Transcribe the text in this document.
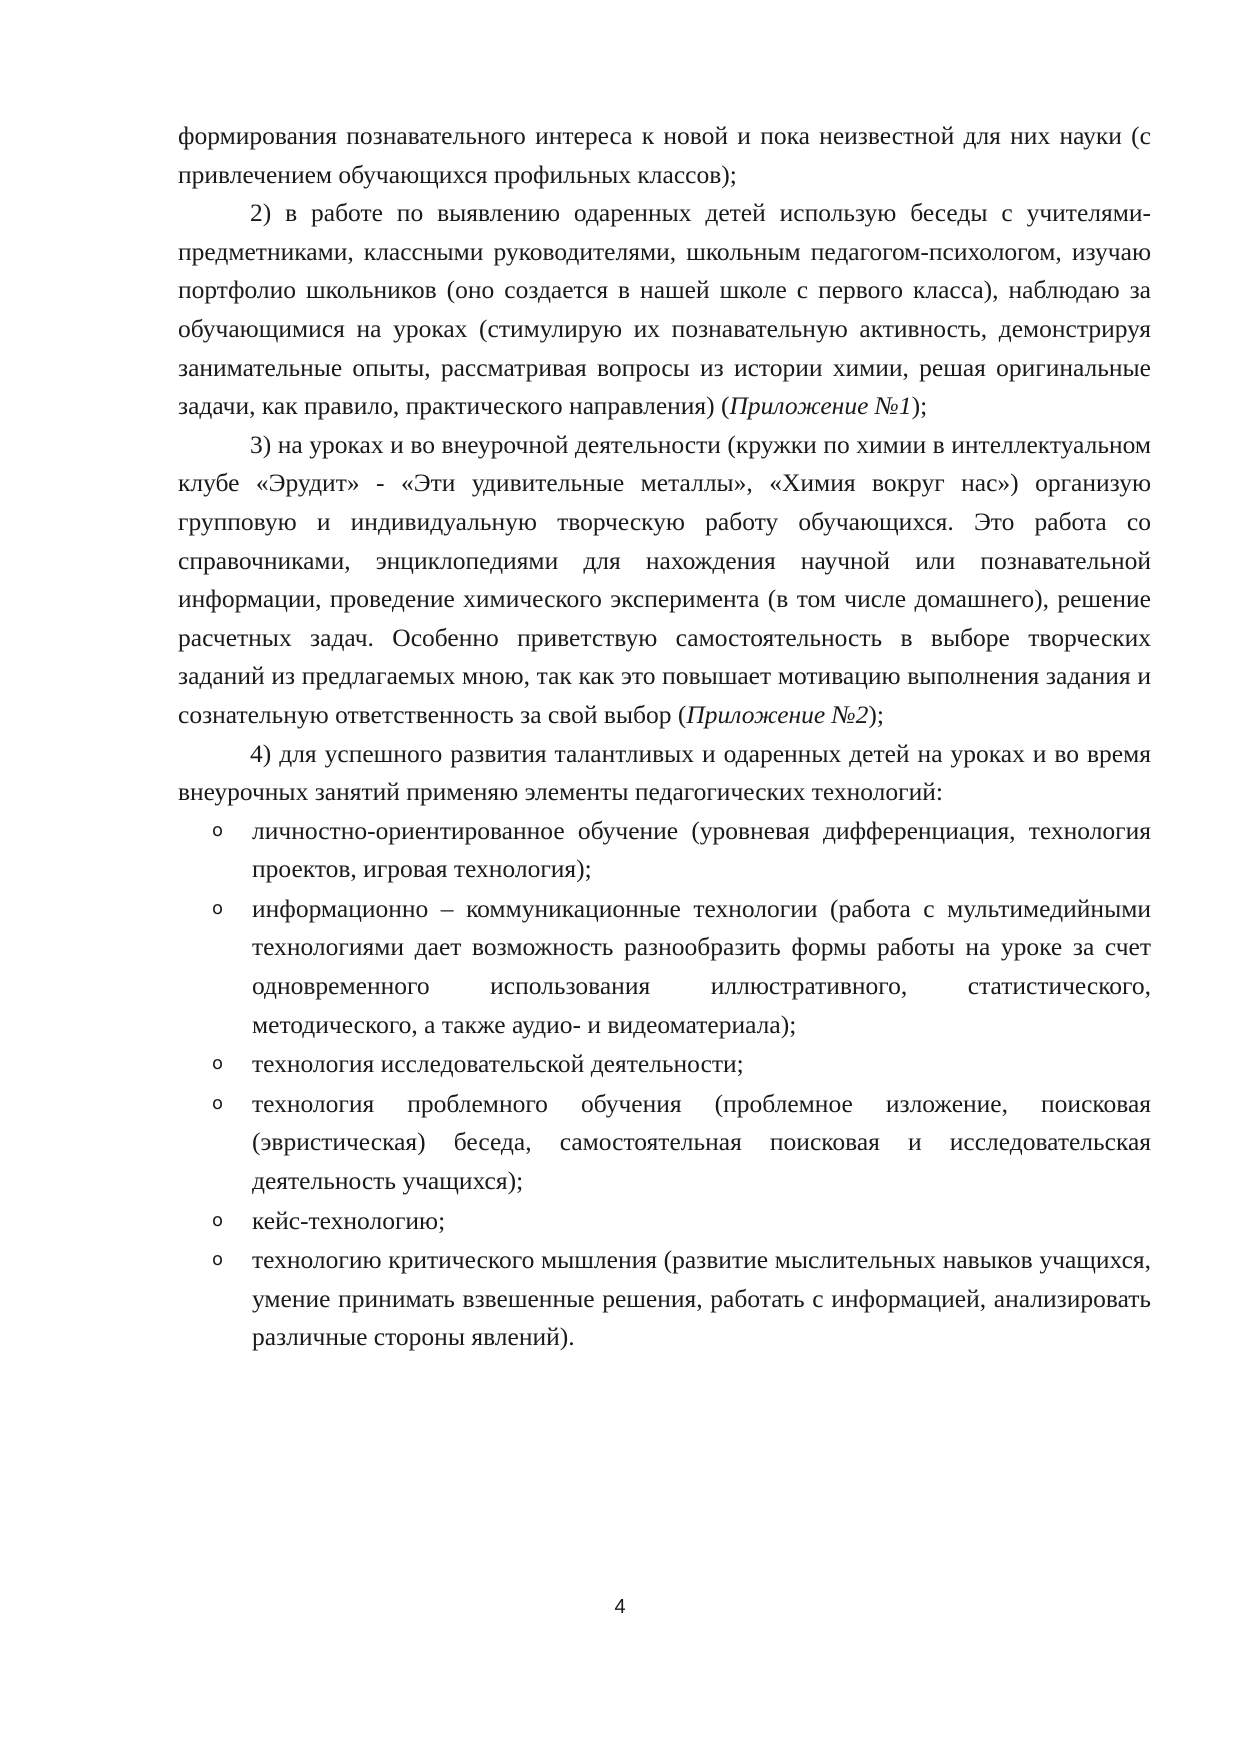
формирования познавательного интереса к новой и пока неизвестной для них науки (с привлечением обучающихся профильных классов);

2) в работе по выявлению одаренных детей использую беседы с учителями-предметниками, классными руководителями, школьным педагогом-психологом, изучаю портфолио школьников (оно создается в нашей школе с первого класса), наблюдаю за обучающимися на уроках (стимулирую их познавательную активность, демонстрируя занимательные опыты, рассматривая вопросы из истории химии, решая оригинальные задачи, как правило, практического направления) (Приложение №1);

3) на уроках и во внеурочной деятельности (кружки по химии в интеллектуальном клубе «Эрудит» - «Эти удивительные металлы», «Химия вокруг нас») организую групповую и индивидуальную творческую работу обучающихся. Это работа со справочниками, энциклопедиями для нахождения научной или познавательной информации, проведение химического эксперимента (в том числе домашнего), решение расчетных задач. Особенно приветствую самостоятельность в выборе творческих заданий из предлагаемых мною, так как это повышает мотивацию выполнения задания и сознательную ответственность за свой выбор (Приложение №2);

4) для успешного развития талантливых и одаренных детей на уроках и во время внеурочных занятий применяю элементы педагогических технологий:

o личностно-ориентированное обучение (уровневая дифференциация, технология проектов, игровая технология);
o информационно – коммуникационные технологии (работа с мультимедийными технологиями дает возможность разнообразить формы работы на уроке за счет одновременного использования иллюстративного, статистического, методического, а также аудио- и видеоматериала);
o технология исследовательской деятельности;
o технология проблемного обучения (проблемное изложение, поисковая (эвристическая) беседа, самостоятельная поисковая и исследовательская деятельность учащихся);
o кейс-технологию;
o технологию критического мышления (развитие мыслительных навыков учащихся, умение принимать взвешенные решения, работать с информацией, анализировать различные стороны явлений).
4
